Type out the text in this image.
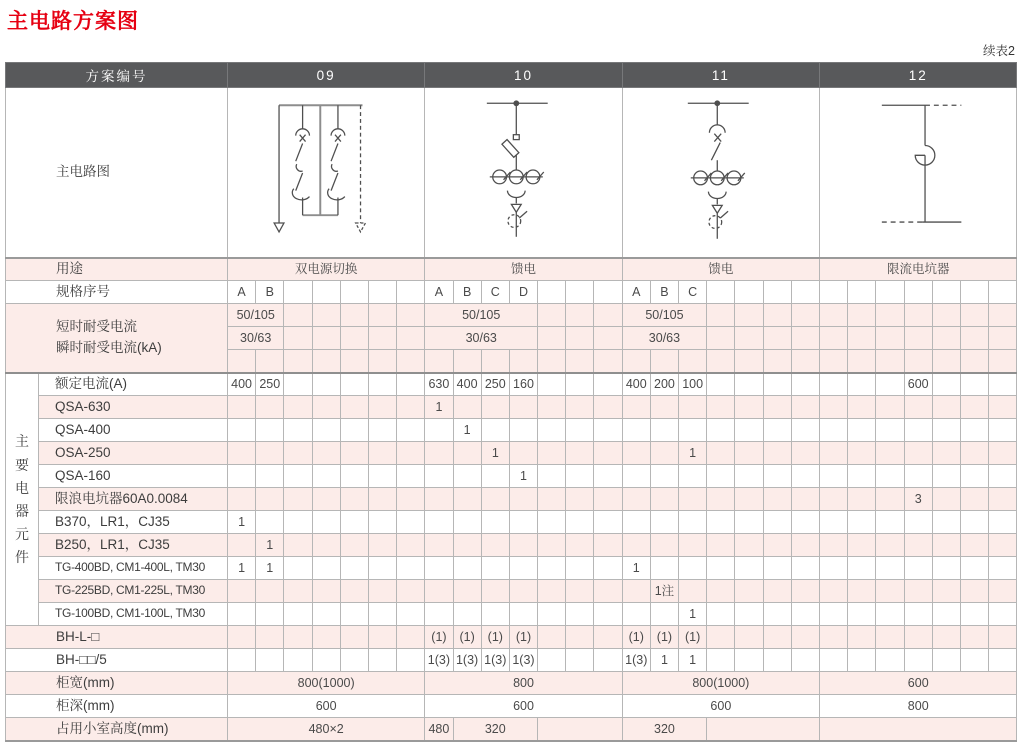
主电路方案图
续表2
方案编号		09							10							11							12						
主电路图	

用途		双电源切换							馈电							馈电							限流电坑器						
规格序号		A	B						A	B	C	D				A	B	C											

短时耐受电流
瞬时耐受电流(kA)		50/105							50/105							50/105													
		30/63							30/63							30/63													

主
要
电
器
元
件
	额定电流(A)	400	250						630	400	250	160				400	200	100								600			
	QSA-630								1																				
	QSA-400									1																			
	OSA-250										1							1											
	QSA-160											1																	
	限浪电坑器60A0.0084																									3			
	B370，LR1，CJ35	1																											
	B250，LR1，CJ35		1																										
	TG-400BD, CM1-400L, TM30	1	1													1													
	TG-225BD, CM1-225L, TM30																1注												
	TG-100BD, CM1-100L, TM30																	1											
BH-L-□									(1)	(1)	(1)	(1)				(1)	(1)	(1)											
BH-□□/5									1(3)	1(3)	1(3)	1(3)				1(3)	1	1											
柜宽(mm)		800(1000)							800							800(1000)							600						
柜深(mm)		600							600							600							800						
占用小室高度(mm)		480×2							480	320						320													
